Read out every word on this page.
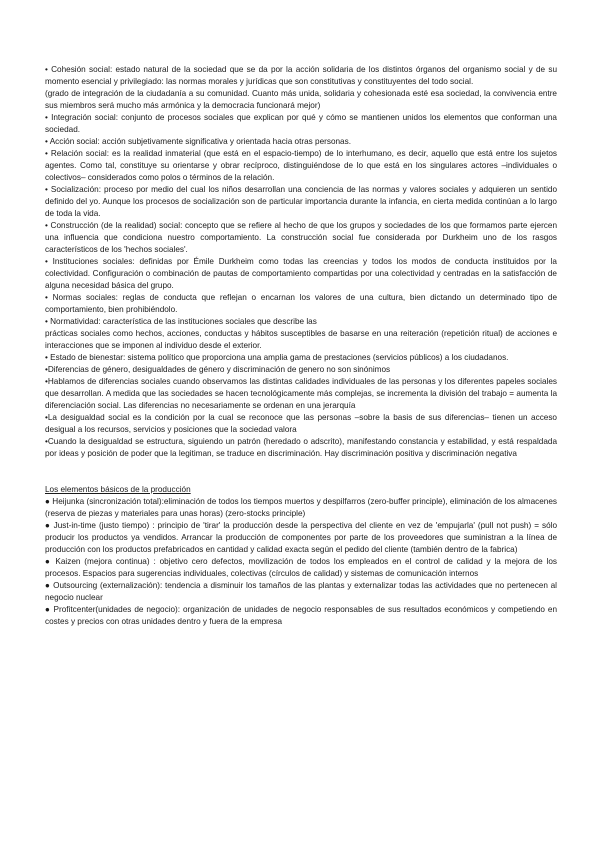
• Cohesión social: estado natural de la sociedad que se da por la acción solidaria de los distintos órganos del organismo social y de su momento esencial y privilegiado: las normas morales y jurídicas que son constitutivas y constituyentes del todo social.

(grado de integración de la ciudadanía a su comunidad. Cuanto más unida, solidaria y cohesionada esté esa sociedad, la convivencia entre sus miembros será mucho más armónica y la democracia funcionará mejor)

• Integración social: conjunto de procesos sociales que explican por qué y cómo se mantienen unidos los elementos que conforman una sociedad.

• Acción social: acción subjetivamente significativa y orientada hacia otras personas.

• Relación social: es la realidad inmaterial (que está en el espacio-tiempo) de lo interhumano, es decir, aquello que está entre los sujetos agentes. Como tal, constituye su orientarse y obrar recíproco, distinguiéndose de lo que está en los singulares actores –individuales o colectivos– considerados como polos o términos de la relación.

• Socialización: proceso por medio del cual los niños desarrollan una conciencia de las normas y valores sociales y adquieren un sentido definido del yo. Aunque los procesos de socialización son de particular importancia durante la infancia, en cierta medida continúan a lo largo de toda la vida.

• Construcción (de la realidad) social: concepto que se refiere al hecho de que los grupos y sociedades de los que formamos parte ejercen una influencia que condiciona nuestro comportamiento. La construcción social fue considerada por Durkheim uno de los rasgos característicos de los 'hechos sociales'.

• Instituciones sociales: definidas por Émile Durkheim como todas las creencias y todos los modos de conducta instituidos por la colectividad. Configuración o combinación de pautas de comportamiento compartidas por una colectividad y centradas en la satisfacción de alguna necesidad básica del grupo.

• Normas sociales: reglas de conducta que reflejan o encarnan los valores de una cultura, bien dictando un determinado tipo de comportamiento, bien prohibiéndolo.

• Normatividad: característica de las instituciones sociales que describe las

prácticas sociales como hechos, acciones, conductas y hábitos susceptibles de basarse en una reiteración (repetición ritual) de acciones e interacciones que se imponen al individuo desde el exterior.

• Estado de bienestar: sistema político que proporciona una amplia gama de prestaciones (servicios públicos) a los ciudadanos.

•Diferencias de género, desigualdades de género y discriminación de genero no son sinónimos

•Hablamos de diferencias sociales cuando observamos las distintas calidades individuales de las personas y los diferentes papeles sociales que desarrollan. A medida que las sociedades se hacen tecnológicamente más complejas, se incrementa la división del trabajo = aumenta la diferenciación social. Las diferencias no necesariamente se ordenan en una jerarquía

•La desigualdad social es la condición por la cual se reconoce que las personas –sobre la basis de sus diferencias– tienen un acceso desigual a los recursos, servicios y posiciones que la sociedad valora

•Cuando la desigualdad se estructura, siguiendo un patrón (heredado o adscrito), manifestando constancia y estabilidad, y está respaldada por ideas y posición de poder que la legitiman, se traduce en discriminación. Hay discriminación positiva y discriminación negativa

Los elementos básicos de la producción

● Heijunka (sincronización total):eliminación de todos los tiempos muertos y despilfarros (zero-buffer principle), eliminación de los almacenes (reserva de piezas y materiales para unas horas) (zero-stocks principle)

● Just-in-time (justo tiempo) : principio de 'tirar' la producción desde la perspectiva del cliente en vez de 'empujarla' (pull not push) = sólo producir los productos ya vendidos. Arrancar la producción de componentes por parte de los proveedores que suministran a la línea de producción con los productos prefabricados en cantidad y calidad exacta según el pedido del cliente (también dentro de la fabrica)

● Kaizen (mejora continua) : objetivo cero defectos, movilización de todos los empleados en el control de calidad y la mejora de los procesos. Espacios para sugerencias individuales, colectivas (círculos de calidad) y sistemas de comunicación internos

● Outsourcing (externalización): tendencia a disminuir los tamaños de las plantas y externalizar todas las actividades que no pertenecen al negocio nuclear

● Profitcenter(unidades de negocio): organización de unidades de negocio responsables de sus resultados económicos y competiendo en costes y precios con otras unidades dentro y fuera de la empresa
